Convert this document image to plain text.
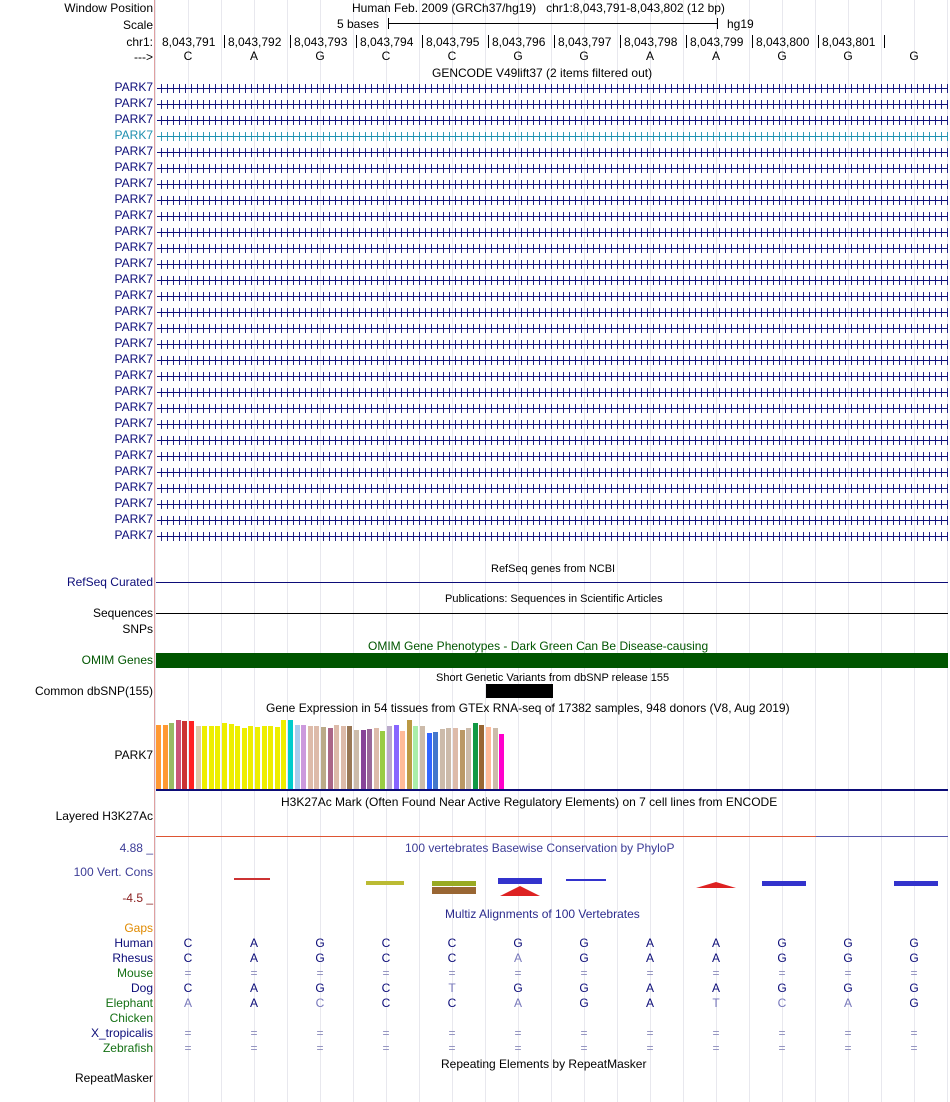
Window Position	Human Feb. 2009 (GRCh37/hg19) chr1:8,043,791-8,043,802 (12 bp)
Scale	5 bases	hg19
chr1: 8,043,791 8,043,792 8,043,793 8,043,794 8,043,795 8,043,796 8,043,797 8,043,798 8,043,799 8,043,800 8,043,801
--->	C	A	G	C	C	G	G	A	A	G	G	G
GENCODE V49lift37 (2 items filtered out)
PARK7
PARK7
PARK7
PARK7
PARK7
PARK7
PARK7
PARK7
PARK7
PARK7
PARK7
PARK7
PARK7
PARK7
PARK7
PARK7
PARK7
PARK7
PARK7
PARK7
PARK7
PARK7
PARK7
PARK7
PARK7
PARK7
PARK7
PARK7
PARK7
RefSeq genes from NCBI
RefSeq Curated
Publications: Sequences in Scientific Articles
Sequences
SNPs
OMIM Gene Phenotypes - Dark Green Can Be Disease-causing
OMIM Genes
Short Genetic Variants from dbSNP release 155
Common dbSNP(155)
Gene Expression in 54 tissues from GTEx RNA-seq of 17382 samples, 948 donors (V8, Aug 2019)
PARK7
H3K27Ac Mark (Often Found Near Active Regulatory Elements) on 7 cell lines from ENCODE
Layered H3K27Ac
100 vertebrates Basewise Conservation by PhyloP
4.88 _
100 Vert. Cons
-4.5 _
Multiz Alignments of 100 Vertebrates
Gaps
Human	C	A	G	C	C	G	G	A	A	G	G	G
Rhesus	C	A	G	C	C	A	G	A	A	G	G	G
Mouse	=	=	=	=	=	=	=	=	=	=	=	=
Dog	C	A	G	C	T	G	G	A	A	G	G	G
Elephant	A	A	C	C	C	A	G	A	T	C	A	G
Chicken
X_tropicalis	=	=	=	=	=	=	=	=	=	=	=	=
Zebrafish	=	=	=	=	=	=	=	=	=	=	=	=
Repeating Elements by RepeatMasker
RepeatMasker
